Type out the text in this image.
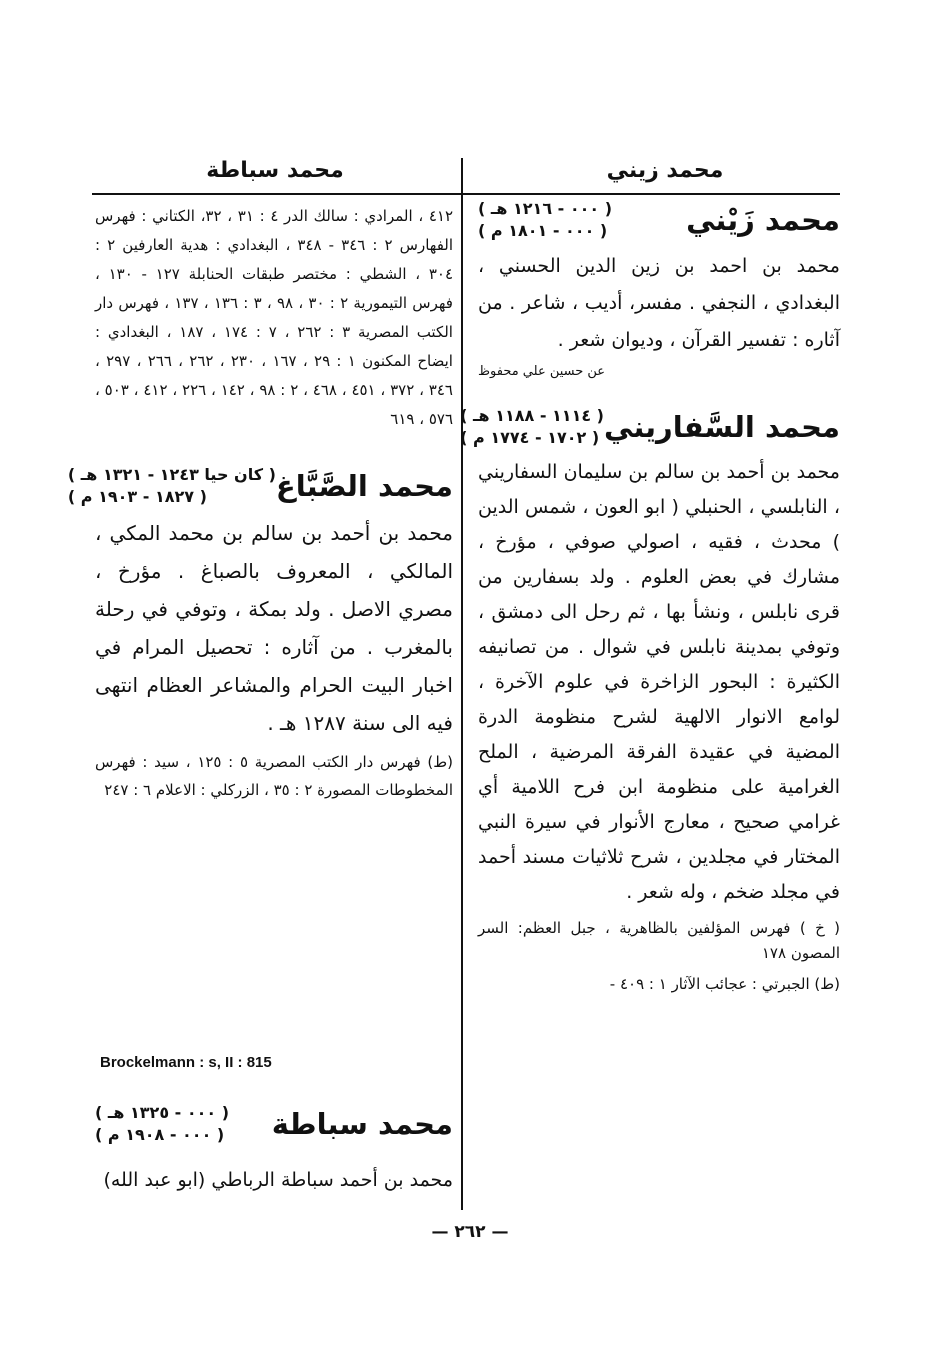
محمد زيني
محمد سباطة
محمد زَيْني
( ٠٠٠ - ١٢١٦ هـ )
( ٠٠٠ - ١٨٠١ م )

محمد بن احمد بن زين الدين الحسني ، البغدادي ، النجفي . مفسر، أديب ، شاعر . من آثاره : تفسير القرآن ، وديوان شعر .

عن حسين علي محفوظ

محمد السَّفاريني
( ١١١٤ - ١١٨٨ هـ )
( ١٧٠٢ - ١٧٧٤ م )

محمد بن أحمد بن سالم بن سليمان السفاريني ، النابلسي ، الحنبلي ( ابو العون ، شمس الدين ) محدث ، فقيه ، اصولي صوفي ، مؤرخ ، مشارك في بعض العلوم . ولد بسفارين من قرى نابلس ، ونشأ بها ، ثم رحل الى دمشق ، وتوفي بمدينة نابلس في شوال . من تصانيفه الكثيرة : البحور الزاخرة في علوم الآخرة ، لوامع الانوار الالهية لشرح منظومة الدرة المضية في عقيدة الفرقة المرضية ، الملح الغرامية على منظومة ابن فرح اللامية أي غرامي صحيح ، معارج الأنوار في سيرة النبي المختار في مجلدين ، شرح ثلاثيات مسند أحمد في مجلد ضخم ، وله شعر .

( خ ) فهرس المؤلفين بالظاهرية ، جبل العظم: السر المصون ١٧٨

(ط) الجبرتي : عجائب الآثار ١ : ٤٠٩ -

٤١٢ ، المرادي : سالك الدر ٤ : ٣١ ، ٣٢، الكتاني : فهرس الفهارس ٢ : ٣٤٦ - ٣٤٨ ، البغدادي : هدية العارفين ٢ : ٣٠٤ ، الشطي : مختصر طبقات الحنابلة ١٢٧ - ١٣٠ ، فهرس التيمورية ٢ : ٣٠ ، ٩٨ ، ٣ : ١٣٦ ، ١٣٧ ، فهرس دار الكتب المصرية ٣ : ٢٦٢ ، ٧ : ١٧٤ ، ١٨٧ ، البغدادي : ايضاح المكنون ١ : ٢٩ ، ١٦٧ ، ٢٣٠ ، ٢٦٢ ، ٢٦٦ ، ٢٩٧ ، ٣٤٦ ، ٣٧٢ ، ٤٥١ ، ٤٦٨ ، ٢ : ٩٨ ، ١٤٢ ، ٢٢٦ ، ٤١٢ ، ٥٠٣ ، ٥٧٦ ، ٦١٩

محمد الصَّبَّاغ
( كان حيا ١٢٤٣ - ١٣٢١ هـ )
( ١٨٢٧ - ١٩٠٣ م )

محمد بن أحمد بن سالم بن محمد المكي ، المالكي ، المعروف بالصباغ . مؤرخ ، مصري الاصل . ولد بمكة ، وتوفي في رحلة بالمغرب . من آثاره : تحصيل المرام في اخبار البيت الحرام والمشاعر العظام انتهى فيه الى سنة ١٢٨٧ هـ .

(ط) فهرس دار الكتب المصرية ٥ : ١٢٥ ، سيد : فهرس المخطوطات المصورة ٢ : ٣٥ ، الزركلي : الاعلام ٦ : ٢٤٧

Brockelmann : s, II : 815
محمد سباطة
( ٠٠٠ - ١٣٢٥ هـ )
( ٠٠٠ - ١٩٠٨ م )

محمد بن أحمد سباطة الرباطي (ابو عبد الله)

— ٢٦٢ —
